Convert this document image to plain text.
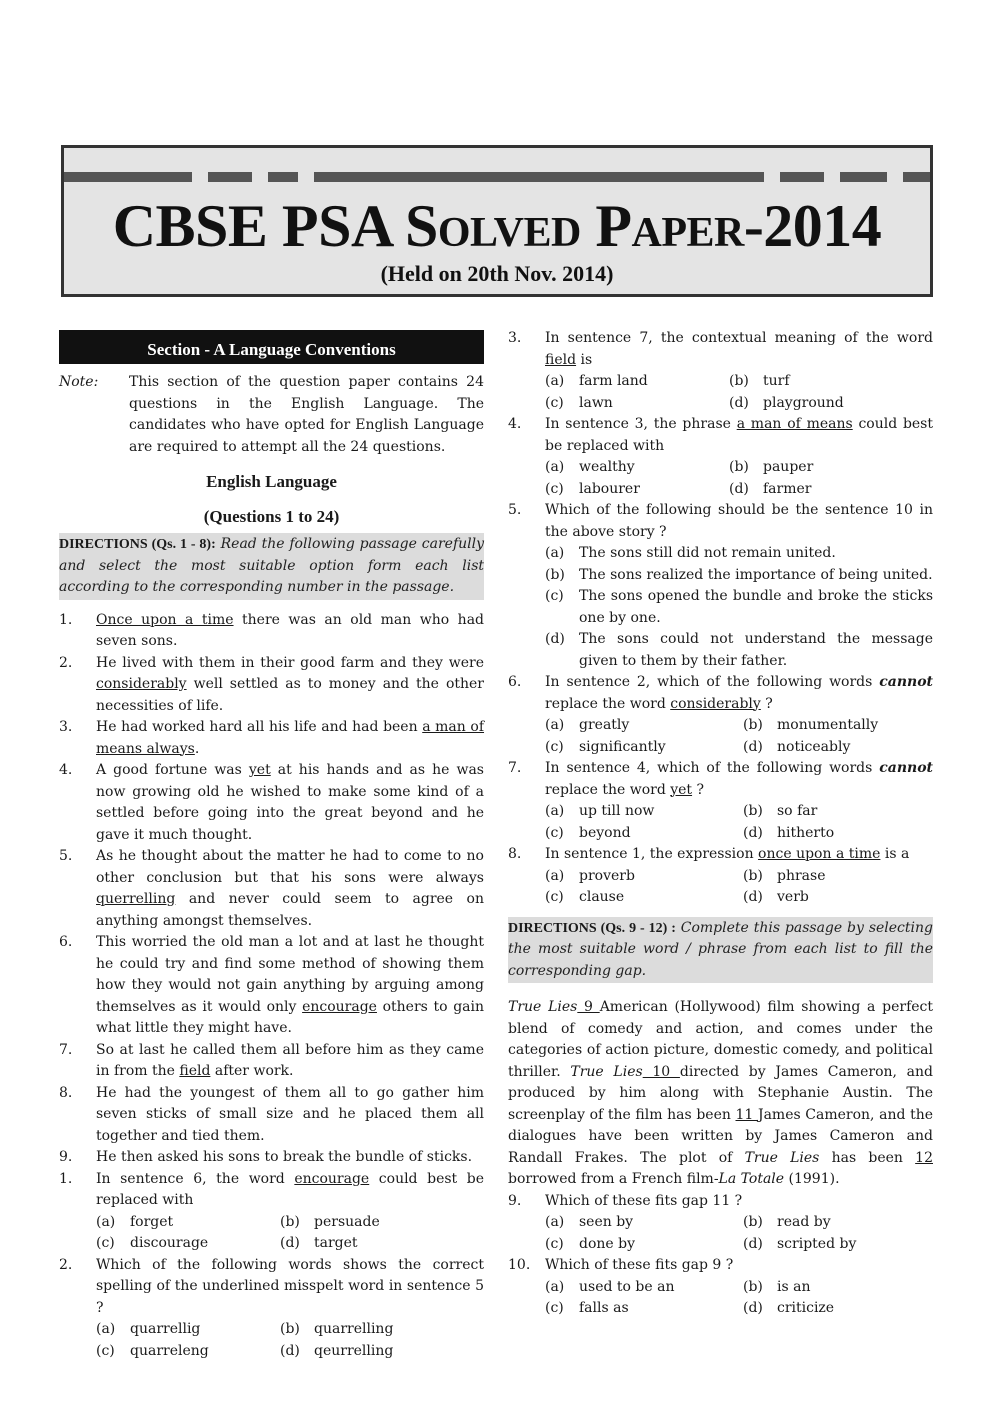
CBSE PSA Solved Paper-2014
(Held on 20th Nov. 2014)
Section - A Language Conventions
Note:	This section of the question paper contains 24 questions in the English Language. The candidates who have opted for English Language are required to attempt all the 24 questions.
English Language
(Questions 1 to 24)
DIRECTIONS (Qs. 1 - 8): Read the following passage carefully and select the most suitable option form each list according to the corresponding number in the passage.
1.	Once upon a time there was an old man who had seven sons.
2.	He lived with them in their good farm and they were considerably well settled as to money and the other necessities of life.
3.	He had worked hard all his life and had been a man of means always.
4.	A good fortune was yet at his hands and as he was now growing old he wished to make some kind of a settled before going into the great beyond and he gave it much thought.
5.	As he thought about the matter he had to come to no other conclusion but that his sons were always querrelling and never could seem to agree on anything amongst themselves.
6.	This worried the old man a lot and at last he thought he could try and find some method of showing them how they would not gain anything by arguing among themselves as it would only encourage others to gain what little they might have.
7.	So at last he called them all before him as they came in from the field after work.
8.	He had the youngest of them all to go gather him seven sticks of small size and he placed them all together and tied them.
9.	He then asked his sons to break the bundle of sticks.
1.	In sentence 6, the word encourage could best be replaced with
(a)	forget	(b)	persuade
(c)	discourage	(d)	target
2.	Which of the following words shows the correct spelling of the underlined misspelt word in sentence 5 ?
(a)	quarrellig	(b)	quarrelling
(c)	quarreleng	(d)	qeurrelling
3.	In sentence 7, the contextual meaning of the word field is
(a)	farm land	(b)	turf
(c)	lawn	(d)	playground
4.	In sentence 3, the phrase a man of means could best be replaced with
(a)	wealthy	(b)	pauper
(c)	labourer	(d)	farmer
5.	Which of the following should be the sentence 10 in the above story ?
(a)	The sons still did not remain united.
(b)	The sons realized the importance of being united.
(c)	The sons opened the bundle and broke the sticks one by one.
(d)	The sons could not understand the message given to them by their father.
6.	In sentence 2, which of the following words cannot replace the word considerably ?
(a)	greatly	(b)	monumentally
(c)	significantly	(d)	noticeably
7.	In sentence 4, which of the following words cannot replace the word yet ?
(a)	up till now	(b)	so far
(c)	beyond	(d)	hitherto
8.	In sentence 1, the expression once upon a time is a
(a)	proverb	(b)	phrase
(c)	clause	(d)	verb
DIRECTIONS (Qs. 9 - 12) : Complete this passage by selecting the most suitable word / phrase from each list to fill the corresponding gap.
True Lies 9 American (Hollywood) film showing a perfect blend of comedy and action, and comes under the categories of action picture, domestic comedy, and political thriller. True Lies 10 directed by James Cameron, and produced by him along with Stephanie Austin. The screenplay of the film has been 11 James Cameron, and the dialogues have been written by James Cameron and Randall Frakes. The plot of True Lies has been 12 borrowed from a French film-La Totale (1991).
9.	Which of these fits gap 11 ?
(a)	seen by	(b)	read by
(c)	done by	(d)	scripted by
10.	Which of these fits gap 9 ?
(a)	used to be an	(b)	is an
(c)	falls as	(d)	criticize
